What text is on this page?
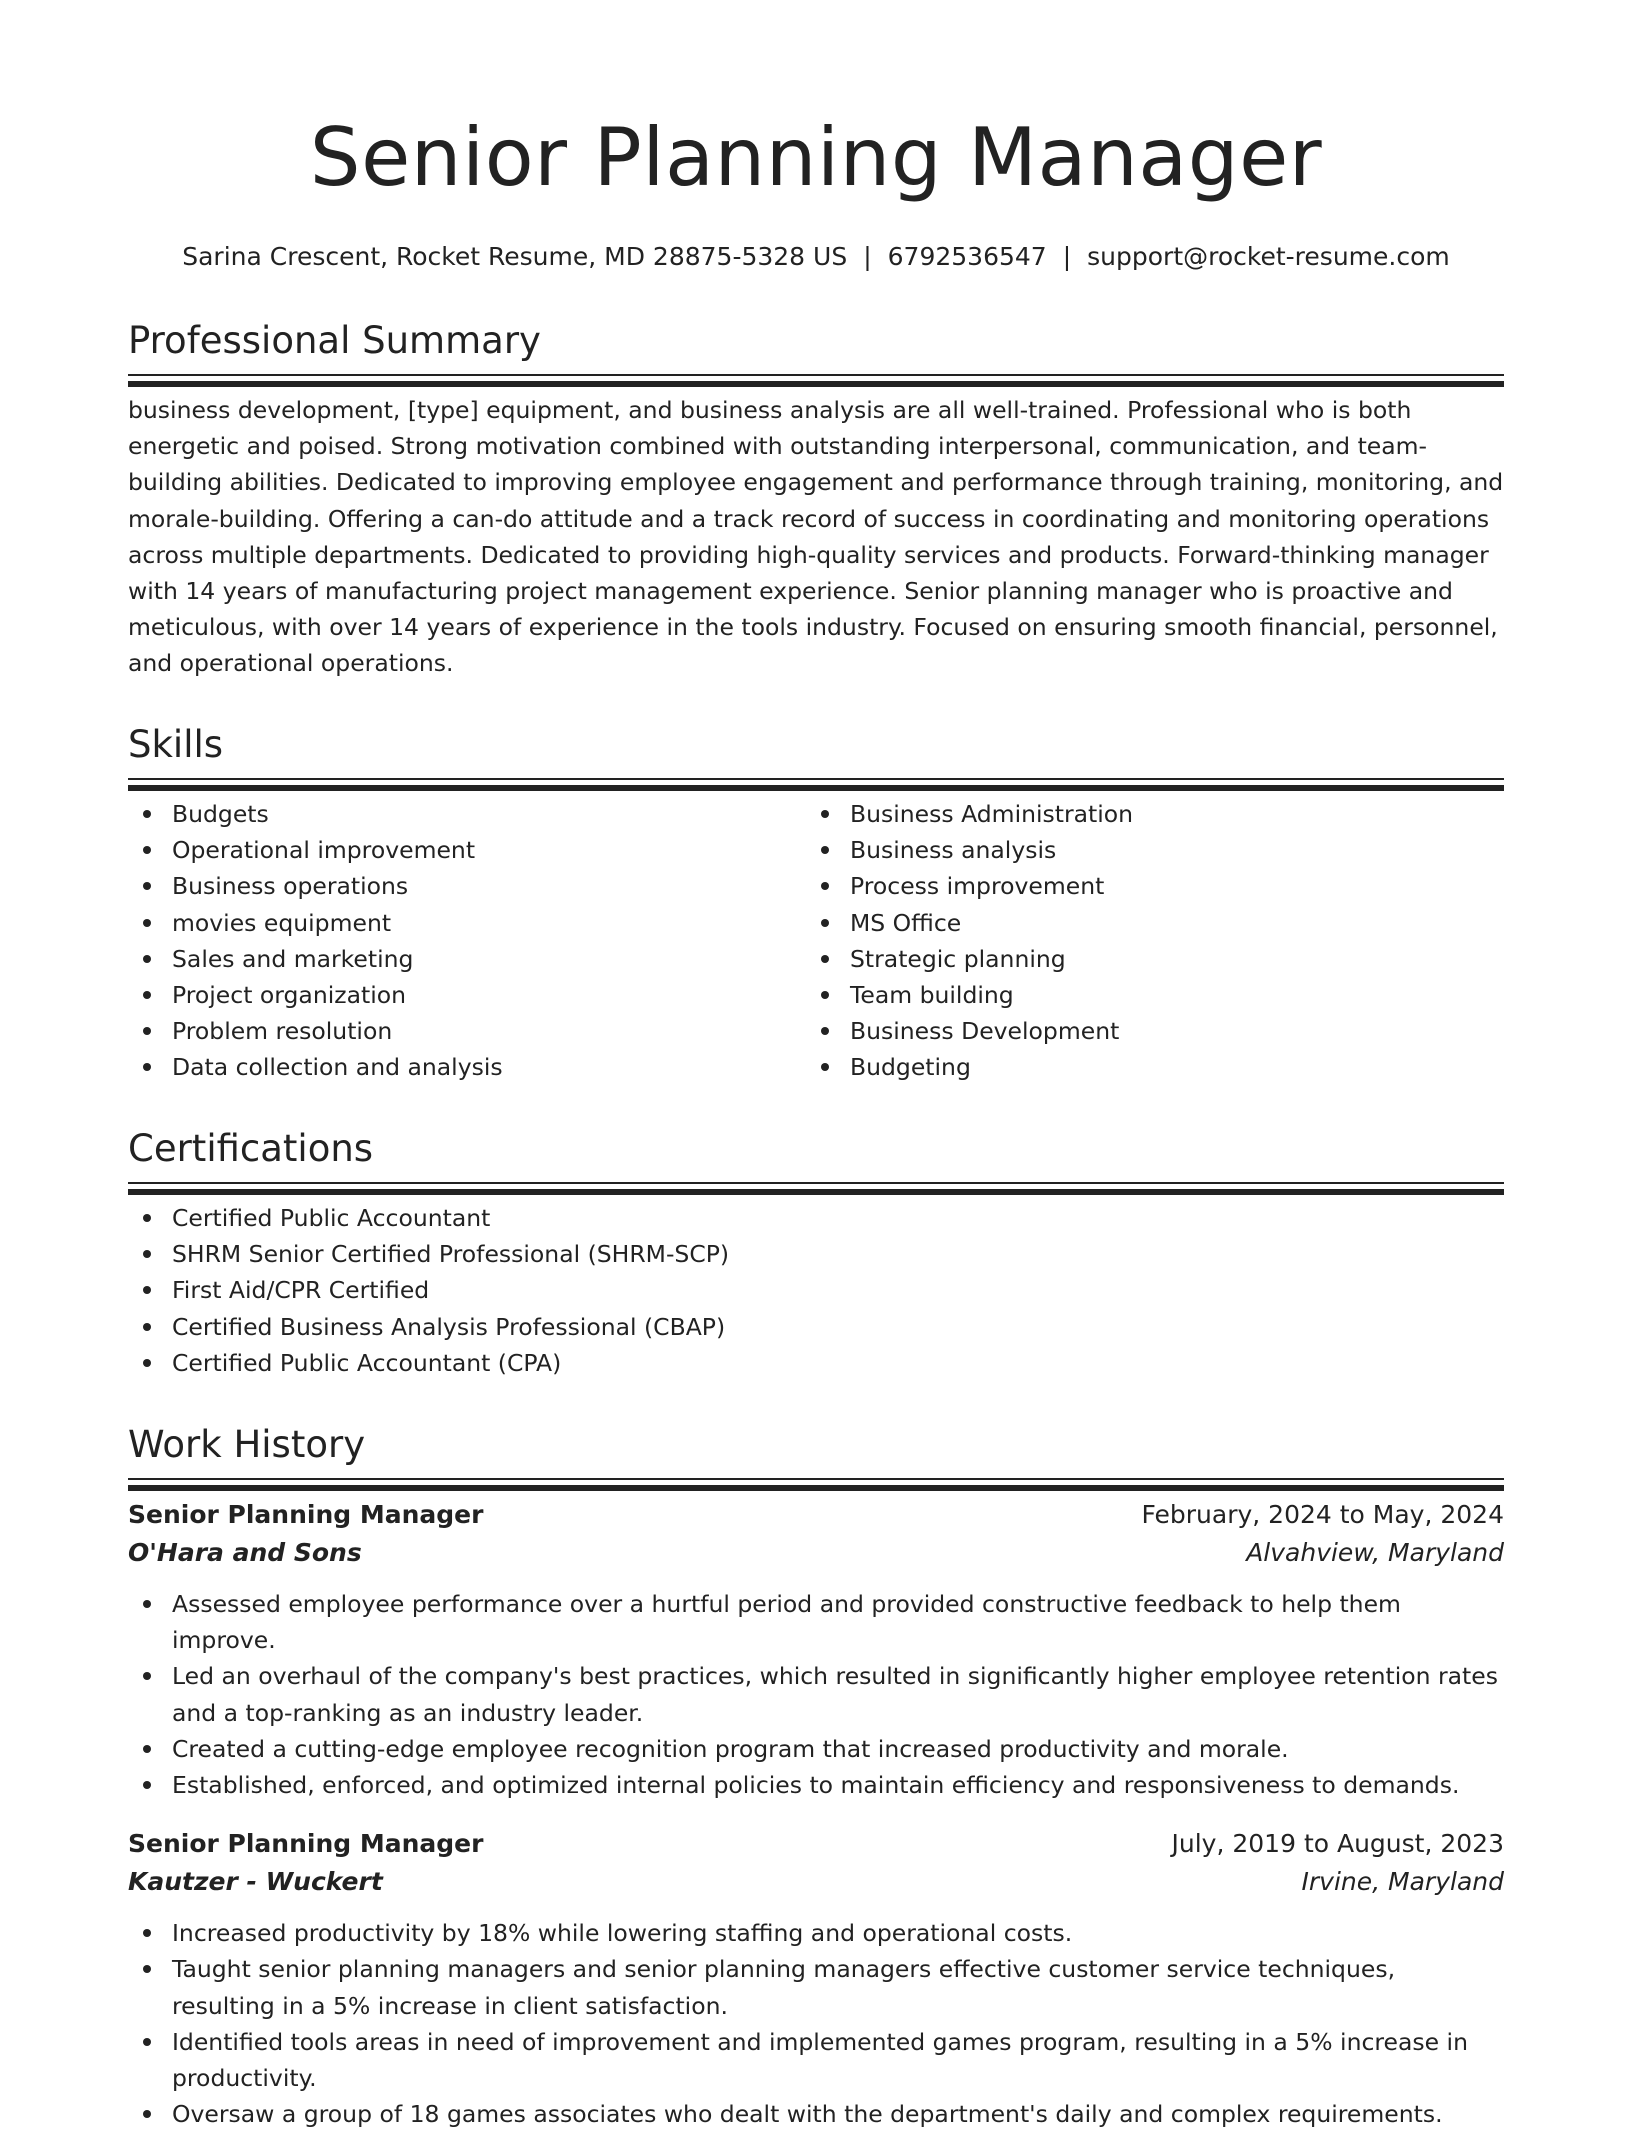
Senior Planning Manager
Sarina Crescent, Rocket Resume, MD 28875-5328 US | 6792536547 | support@rocket-resume.com
Professional Summary

business development, [type] equipment, and business analysis are all well-trained. Professional who is both energetic and poised. Strong motivation combined with outstanding interpersonal, communication, and team-building abilities. Dedicated to improving employee engagement and performance through training, monitoring, and morale-building. Offering a can-do attitude and a track record of success in coordinating and monitoring operations across multiple departments. Dedicated to providing high-quality services and products. Forward-thinking manager with 14 years of manufacturing project management experience. Senior planning manager who is proactive and meticulous, with over 14 years of experience in the tools industry. Focused on ensuring smooth financial, personnel, and operational operations.

Skills
Budgets
Operational improvement
Business operations
movies equipment
Sales and marketing
Project organization
Problem resolution
Data collection and analysis
Business Administration
Business analysis
Process improvement
MS Office
Strategic planning
Team building
Business Development
Budgeting
Certifications
Certified Public Accountant
SHRM Senior Certified Professional (SHRM-SCP)
First Aid/CPR Certified
Certified Business Analysis Professional (CBAP)
Certified Public Accountant (CPA)
Work History
Senior Planning Manager	February, 2024 to May, 2024
O'Hara and Sons	Alvahview, Maryland
Assessed employee performance over a hurtful period and provided constructive feedback to help them improve.
Led an overhaul of the company's best practices, which resulted in significantly higher employee retention rates and a top-ranking as an industry leader.
Created a cutting-edge employee recognition program that increased productivity and morale.
Established, enforced, and optimized internal policies to maintain efficiency and responsiveness to demands.
Senior Planning Manager	July, 2019 to August, 2023
Kautzer - Wuckert	Irvine, Maryland
Increased productivity by 18% while lowering staffing and operational costs.
Taught senior planning managers and senior planning managers effective customer service techniques, resulting in a 5% increase in client satisfaction.
Identified tools areas in need of improvement and implemented games program, resulting in a 5% increase in productivity.
Oversaw a group of 18 games associates who dealt with the department's daily and complex requirements.
